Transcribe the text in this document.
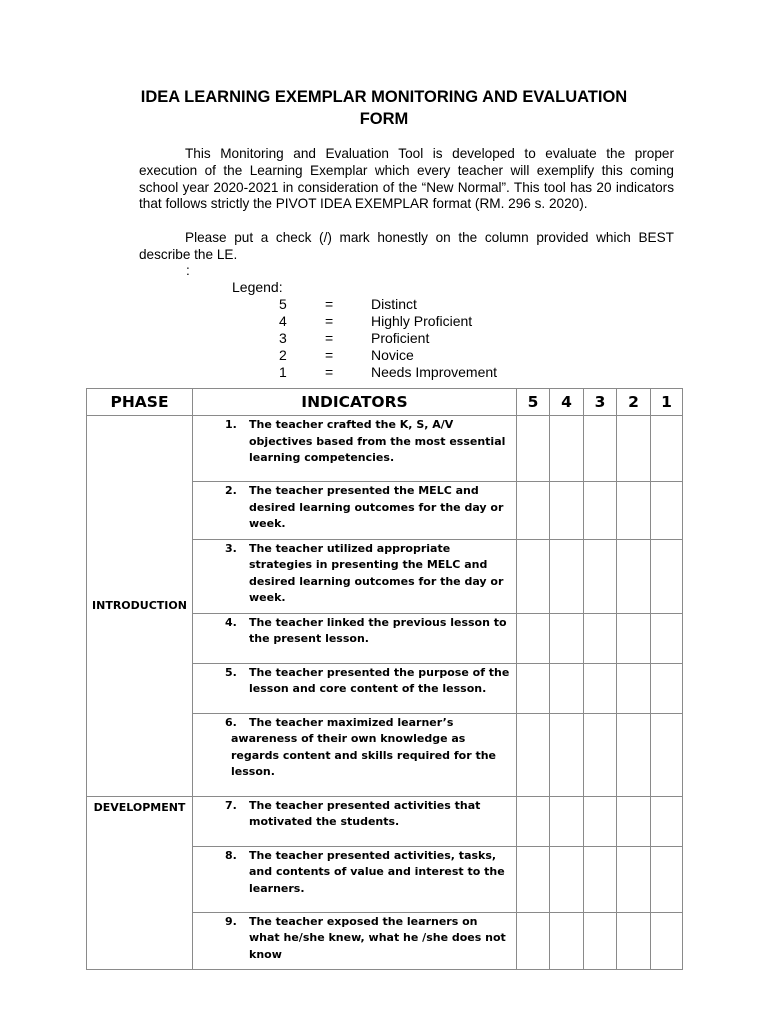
IDEA LEARNING EXEMPLAR MONITORING AND EVALUATION
FORM
This Monitoring and Evaluation Tool is developed to evaluate the proper execution of the Learning Exemplar which every teacher will exemplify this coming school year 2020-2021 in consideration of the “New Normal”. This tool has 20 indicators that follows strictly the PIVOT IDEA EXEMPLAR format (RM. 296 s. 2020).
Please put a check (/) mark honestly on the column provided which BEST describe the LE.
:
Legend:
5	=	Distinct
4	=	Highly Proficient
3	=	Proficient
2	=	Novice
1	=	Needs Improvement
PHASE	INDICATORS	5	4	3	2	1
INTRODUCTION	1. The teacher crafted the K, S, A/V objectives based from the most essential learning competencies.					

	2. The teacher presented the MELC and desired learning outcomes for the day or week.					

	3. The teacher utilized appropriate strategies in presenting the MELC and desired learning outcomes for the day or week.					

	4. The teacher linked the previous lesson to the present lesson.					

	5. The teacher presented the purpose of the lesson and core content of the lesson.					

	6. The teacher maximized learner’s awareness of their own knowledge as regards content and skills required for the lesson.					
DEVELOPMENT	7. The teacher presented activities that motivated the students.					

	8. The teacher presented activities, tasks, and contents of value and interest to the learners.					

	9. The teacher exposed the learners on what he/she knew, what he /she does not know					
